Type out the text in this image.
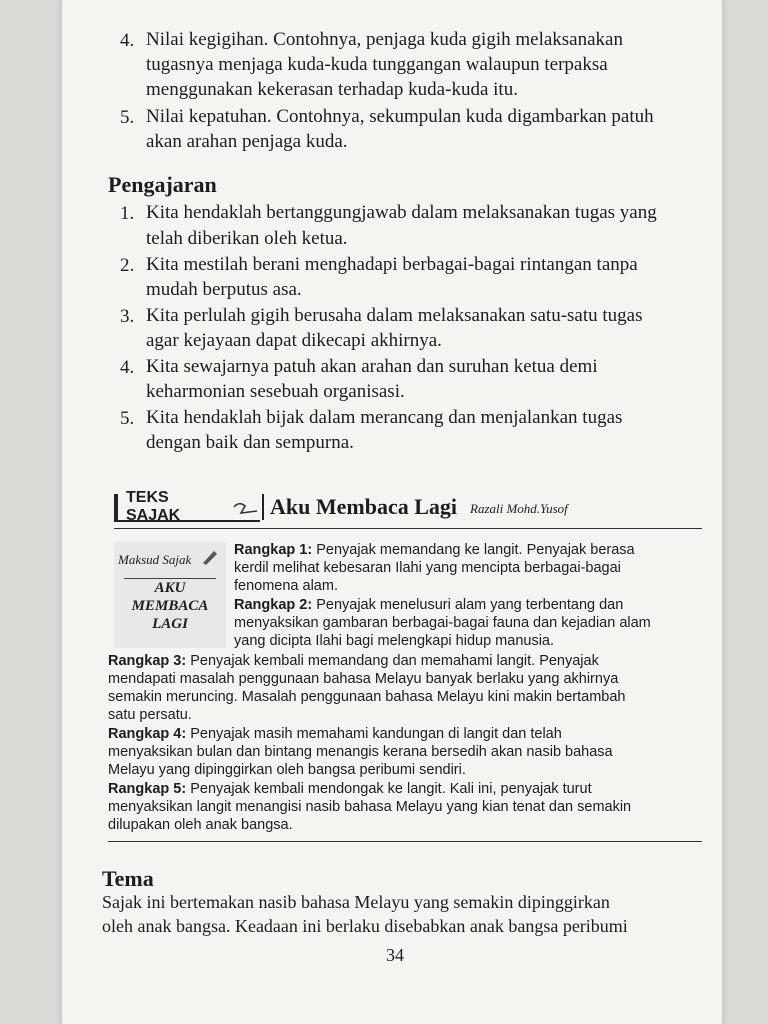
4. Nilai kegigihan. Contohnya, penjaga kuda gigih melaksanakan
tugasnya menjaga kuda-kuda tunggangan walaupun terpaksa
menggunakan kekerasan terhadap kuda-kuda itu.
5. Nilai kepatuhan. Contohnya, sekumpulan kuda digambarkan patuh
akan arahan penjaga kuda.
Pengajaran
1. Kita hendaklah bertanggungjawab dalam melaksanakan tugas yang
telah diberikan oleh ketua.
2. Kita mestilah berani menghadapi berbagai-bagai rintangan tanpa
mudah berputus asa.
3. Kita perlulah gigih berusaha dalam melaksanakan satu-satu tugas
agar kejayaan dapat dikecapi akhirnya.
4. Kita sewajarnya patuh akan arahan dan suruhan ketua demi
keharmonian sesebuah organisasi.
5. Kita hendaklah bijak dalam merancang dan menjalankan tugas
dengan baik dan sempurna.
TEKS SAJAK	Aku Membaca Lagi Razali Mohd.Yusof
Maksud Sajak
AKU
MEMBACA
LAGI
Rangkap 1: Penyajak memandang ke langit. Penyajak berasa
kerdil melihat kebesaran Ilahi yang mencipta berbagai-bagai
fenomena alam.
Rangkap 2: Penyajak menelusuri alam yang terbentang dan
menyaksikan gambaran berbagai-bagai fauna dan kejadian alam
yang dicipta Ilahi bagi melengkapi hidup manusia.
Rangkap 3: Penyajak kembali memandang dan memahami langit. Penyajak
mendapati masalah penggunaan bahasa Melayu banyak berlaku yang akhirnya
semakin meruncing. Masalah penggunaan bahasa Melayu kini makin bertambah
satu persatu.
Rangkap 4: Penyajak masih memahami kandungan di langit dan telah
menyaksikan bulan dan bintang menangis kerana bersedih akan nasib bahasa
Melayu yang dipinggirkan oleh bangsa peribumi sendiri.
Rangkap 5: Penyajak kembali mendongak ke langit. Kali ini, penyajak turut
menyaksikan langit menangisi nasib bahasa Melayu yang kian tenat dan semakin
dilupakan oleh anak bangsa.
Tema
Sajak ini bertemakan nasib bahasa Melayu yang semakin dipinggirkan
oleh anak bangsa. Keadaan ini berlaku disebabkan anak bangsa peribumi
34
